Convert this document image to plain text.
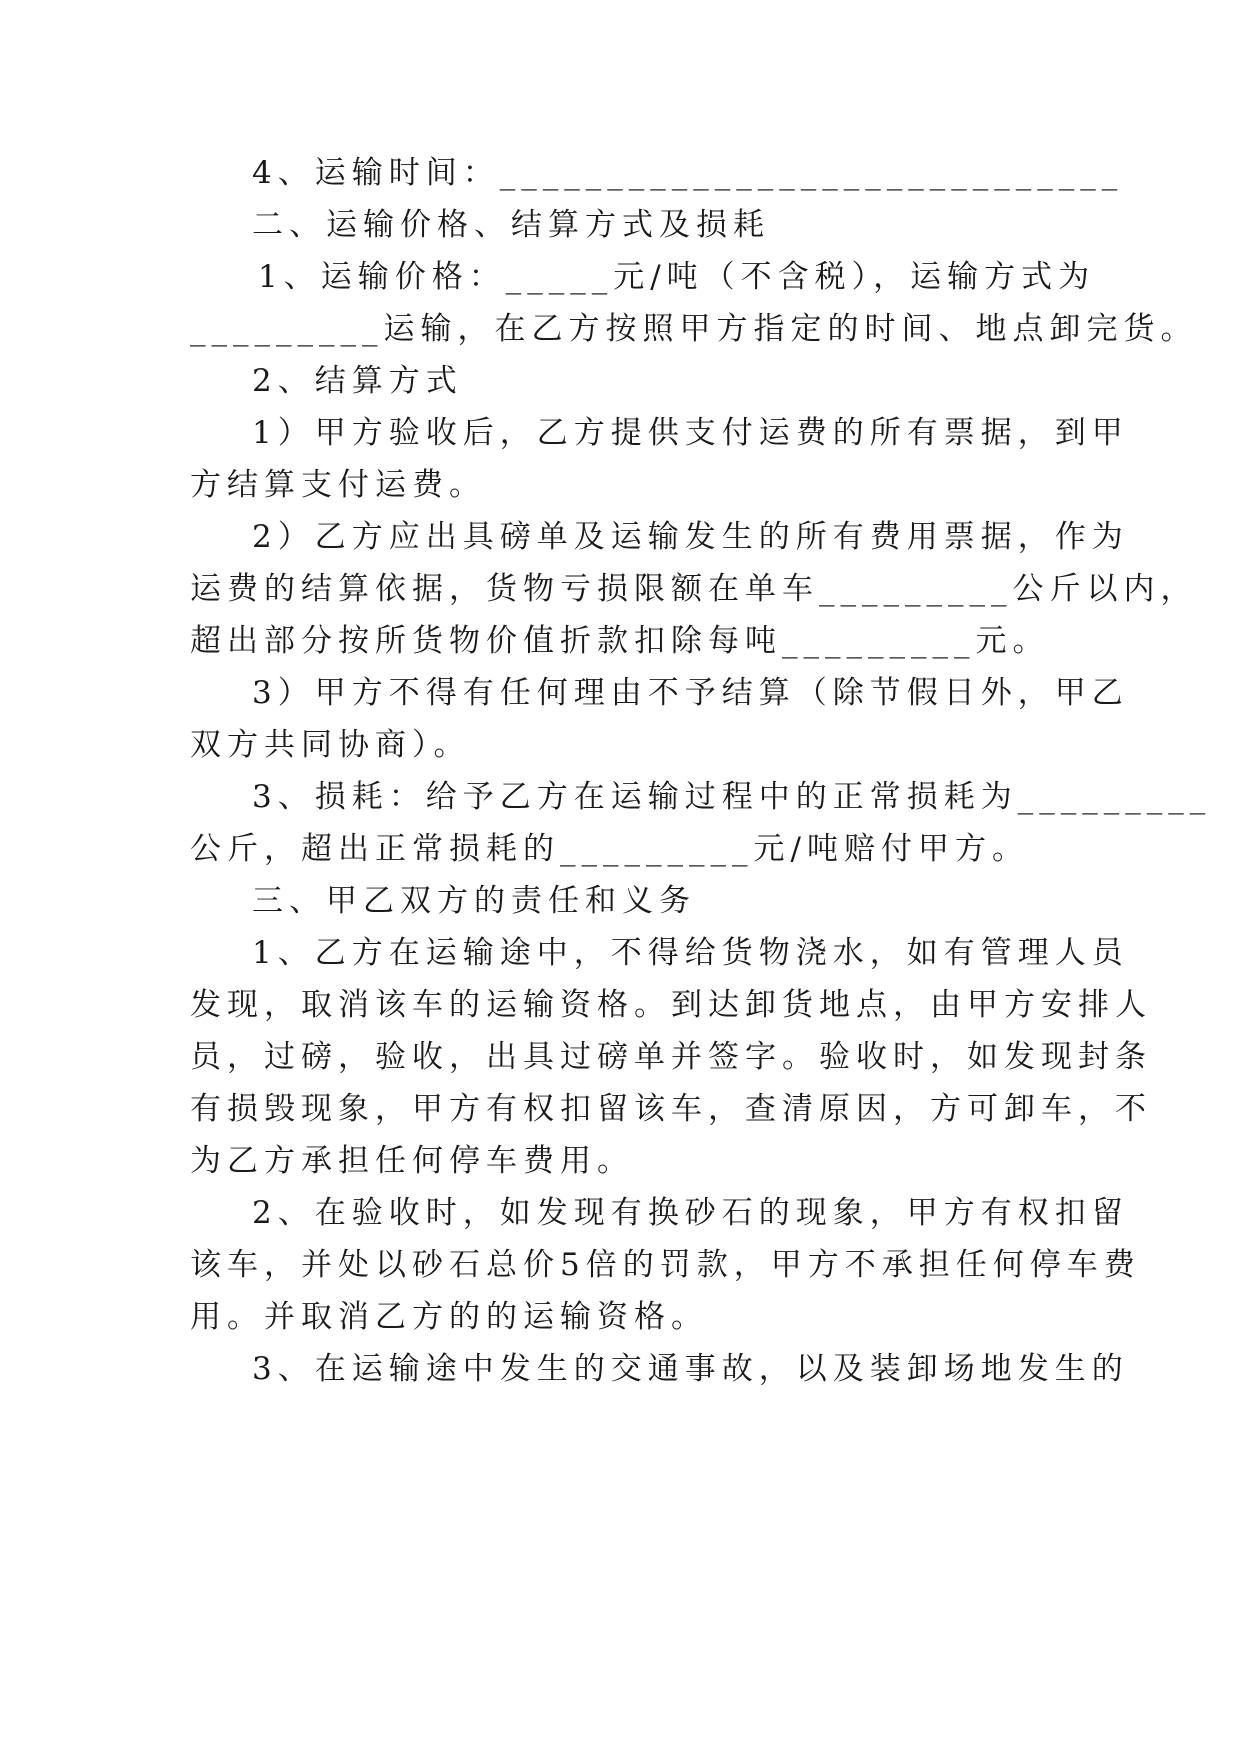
4、运输时间：_____________________________
二、运输价格、结算方式及损耗
1、运输价格：_____元/吨（不含税），运输方式为
_________运输，在乙方按照甲方指定的时间、地点卸完货。
2、结算方式
1）甲方验收后，乙方提供支付运费的所有票据，到甲
方结算支付运费。
2）乙方应出具磅单及运输发生的所有费用票据，作为
运费的结算依据，货物亏损限额在单车_________公斤以内，
超出部分按所货物价值折款扣除每吨_________元。
3）甲方不得有任何理由不予结算（除节假日外，甲乙
双方共同协商）。
3、损耗：给予乙方在运输过程中的正常损耗为_________
公斤，超出正常损耗的_________元/吨赔付甲方。
三、甲乙双方的责任和义务
1、乙方在运输途中，不得给货物浇水，如有管理人员
发现，取消该车的运输资格。到达卸货地点，由甲方安排人
员，过磅，验收，出具过磅单并签字。验收时，如发现封条
有损毁现象，甲方有权扣留该车，查清原因，方可卸车，不
为乙方承担任何停车费用。
2、在验收时，如发现有换砂石的现象，甲方有权扣留
该车，并处以砂石总价5倍的罚款，甲方不承担任何停车费
用。并取消乙方的的运输资格。
3、在运输途中发生的交通事故，以及装卸场地发生的
